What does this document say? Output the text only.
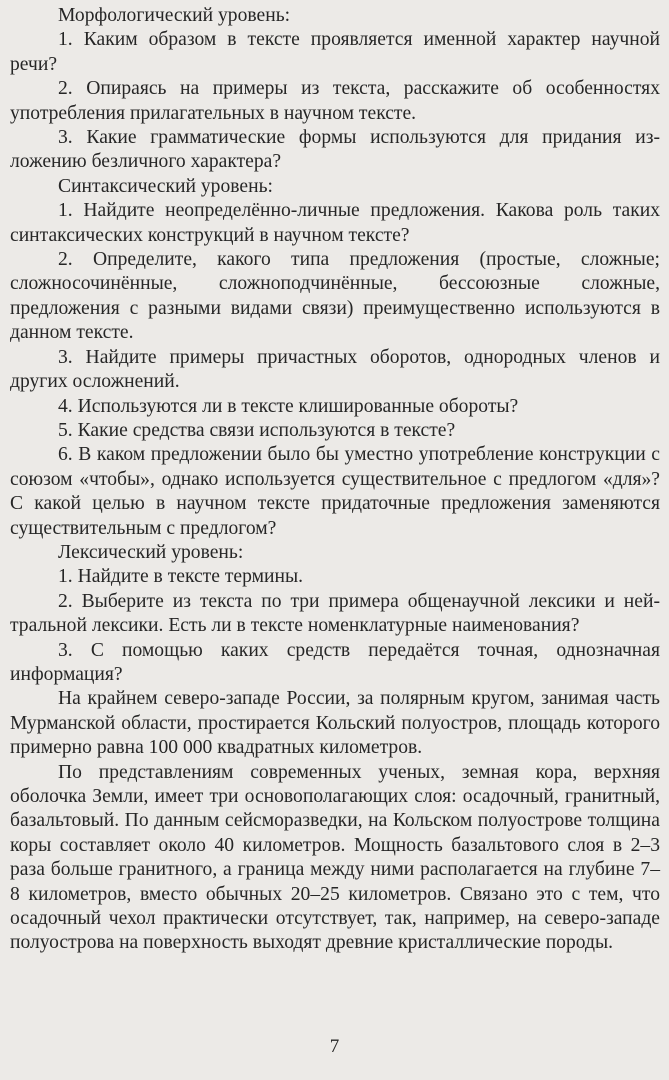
Морфологический уровень:

1. Каким образом в тексте проявляется именной характер научной речи?

2. Опираясь на примеры из текста, расскажите об особенностях употребления прилагательных в научном тексте.

3. Какие грамматические формы используются для придания изложению безличного характера?

Синтаксический уровень:

1. Найдите неопределённо-личные предложения. Какова роль таких синтаксических конструкций в научном тексте?

2. Определите, какого типа предложения (простые, сложные; сложносочинённые, сложноподчинённые, бессоюзные сложные, предложения с разными видами связи) преимущественно используются в данном тексте.

3. Найдите примеры причастных оборотов, однородных членов и других осложнений.

4. Используются ли в тексте клишированные обороты?

5. Какие средства связи используются в тексте?

6. В каком предложении было бы уместно употребление конструкции с союзом «чтобы», однако используется существительное с предлогом «для»? С какой целью в научном тексте придаточные предложения заменяются существительным с предлогом?

Лексический уровень:

1. Найдите в тексте термины.

2. Выберите из текста по три примера общенаучной лексики и нейтральной лексики. Есть ли в тексте номенклатурные наименования?

3. С помощью каких средств передаётся точная, однозначная информация?

На крайнем северо-западе России, за полярным кругом, занимая часть Мурманской области, простирается Кольский полуостров, площадь которого примерно равна 100 000 квадратных километров.

По представлениям современных ученых, земная кора, верхняя оболочка Земли, имеет три основополагающих слоя: осадочный, гранитный, базальтовый. По данным сейсморазведки, на Кольском полуострове толщина коры составляет около 40 километров. Мощность базальтового слоя в 2–3 раза больше гранитного, а граница между ними располагается на глубине 7–8 километров, вместо обычных 20–25 километров. Связано это с тем, что осадочный чехол практически отсутствует, так, например, на северо-западе полуострова на поверхность выходят древние кристаллические породы.

7
